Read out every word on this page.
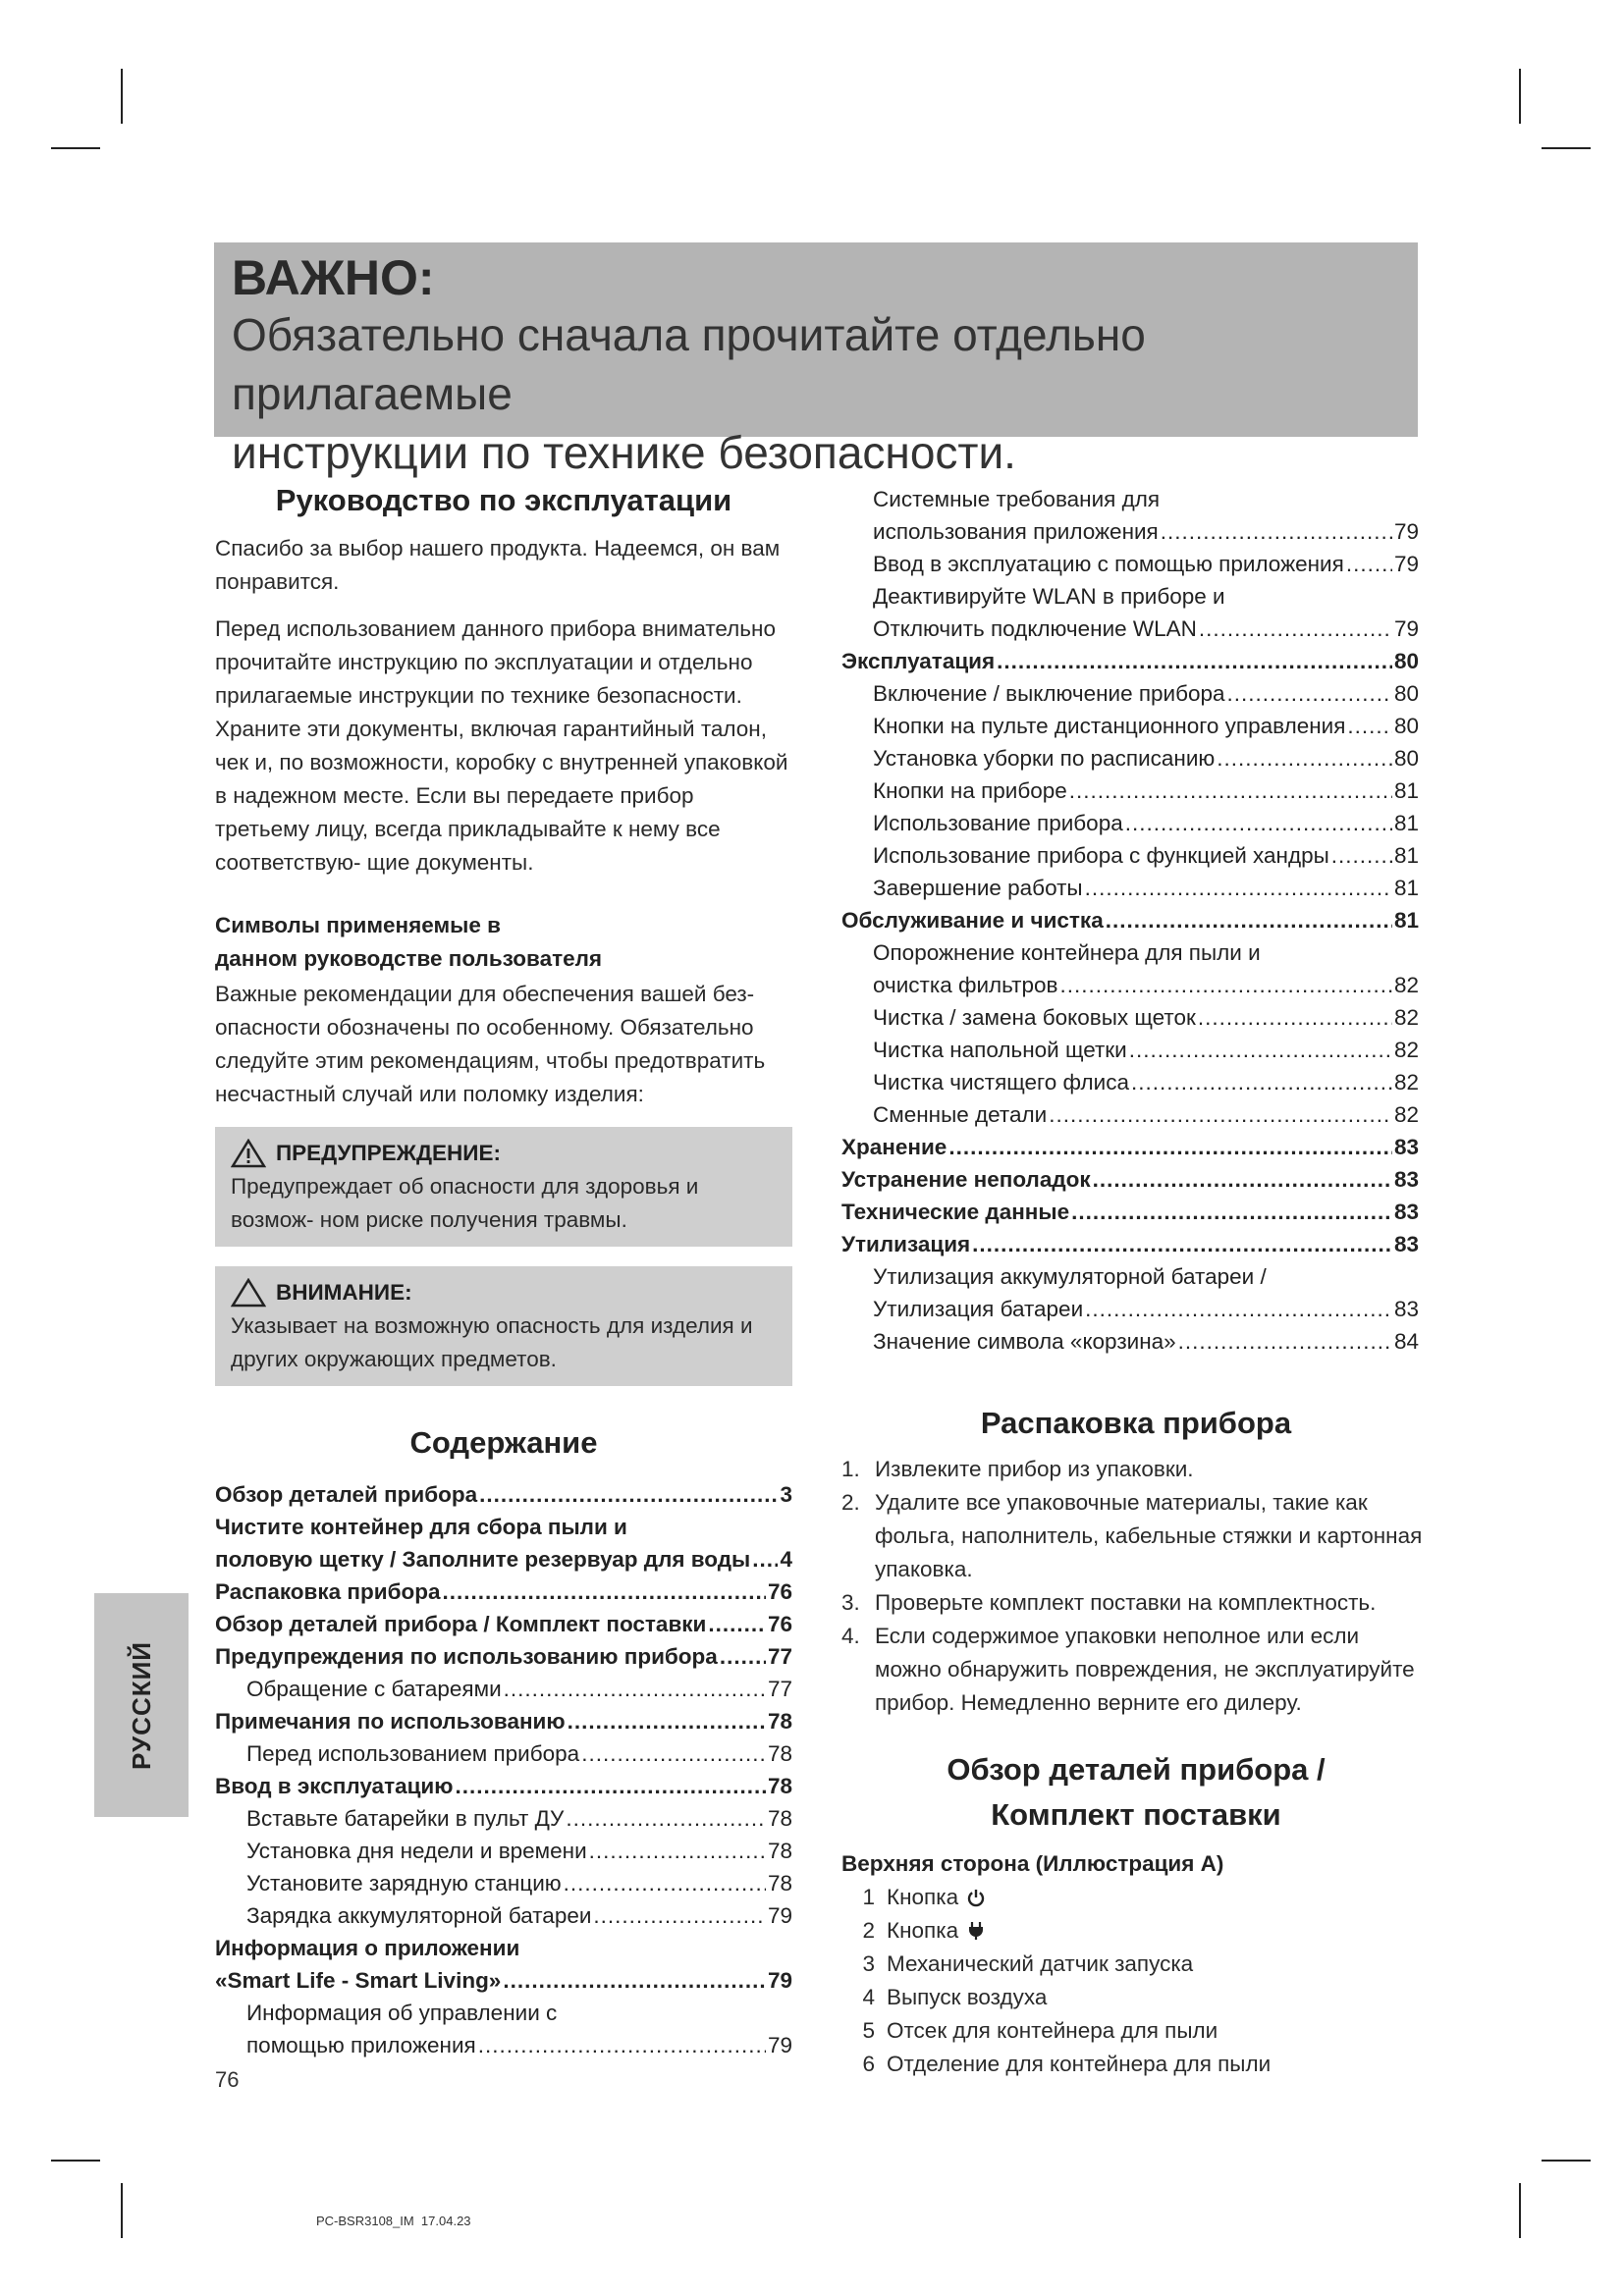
ВАЖНО:
Обязательно сначала прочитайте отдельно прилагаемые
инструкции по технике безопасности.
Руководство по эксплуатации

Спасибо за выбор нашего продукта. Надеемся, он вам понравится.

Перед использованием данного прибора внимательно прочитайте инструкцию по эксплуатации и отдельно прилагаемые инструкции по технике безопасности. Храните эти документы, включая гарантийный талон, чек и, по возможности, коробку с внутренней упаковкой в надежном месте. Если вы передаете прибор третьему лицу, всегда прикладывайте к нему все соответствую- щие документы.

Символы применяемые в
данном руководстве пользователя

Важные рекомендации для обеспечения вашей без- опасности обозначены по особенному. Обязательно следуйте этим рекомендациям, чтобы предотвратить несчастный случай или поломку изделия:

ПРЕДУПРЕЖДЕНИЕ:
Предупреждает об опасности для здоровья и возмож- ном риске получения травмы.
ВНИМАНИЕ:
Указывает на возможную опасность для изделия и других окружающих предметов.
Содержание
Обзор деталей прибора .....	3
Чистите контейнер для сбора пыли и
половую щетку / Заполните резервуар для воды ..... 4
Распаковка прибора .....	76
Обзор деталей прибора / Комплект поставки .....	76
Предупреждения по использованию прибора ..... 77
Обращение с батареями .....	77
Примечания по использованию .....	78
Перед использованием прибора .....	78
Ввод в эксплуатацию .....	78
Вставьте батарейки в пульт ДУ .....	78
Установка дня недели и времени .....	78
Установите зарядную станцию .....	78
Зарядка аккумуляторной батареи .....	79
Информация о приложении
«Smart Life - Smart Living» .....	79
Информация об управлении с
помощью приложения .....	79
Системные требования для
использования приложения .....	79
Ввод в эксплуатацию с помощью приложения ..... 79
Деактивируйте WLAN в приборе и
Отключить подключение WLAN .....	79
Эксплуатация .....	80
Включение / выключение прибора .....	80
Кнопки на пульте дистанционного управления ..... 80
Установка уборки по расписанию .....	80
Кнопки на приборе .....	81
Использование прибора .....	81
Использование прибора с функцией хандры .....	81
Завершение работы .....	81
Обслуживание и чистка .....	81
Опорожнение контейнера для пыли и
очистка фильтров .....	82
Чистка / замена боковых щеток .....	82
Чистка напольной щетки .....	82
Чистка чистящего флиса .....	82
Сменные детали .....	82
Хранение .....	83
Устранение неполадок .....	83
Технические данные .....	83
Утилизация .....	83
Утилизация аккумуляторной батареи /
Утилизация батареи .....	83
Значение символа «корзина» .....	84
Распаковка прибора
1. Извлеките прибор из упаковки.
2. Удалите все упаковочные материалы, такие как фольга, наполнитель, кабельные стяжки и картонная упаковка.
3. Проверьте комплект поставки на комплектность.
4. Если содержимое упаковки неполное или если можно обнаружить повреждения, не эксплуатируйте прибор. Немедленно верните его дилеру.
Обзор деталей прибора /
Комплект поставки
Верхняя сторона (Иллюстрация A)
1 Кнопка
2 Кнопка
3 Механический датчик запуска
4 Выпуск воздуха
5 Отсек для контейнера для пыли
6 Отделение для контейнера для пыли
РУССКИЙ
76
PC-BSR3108_IM  17.04.23
